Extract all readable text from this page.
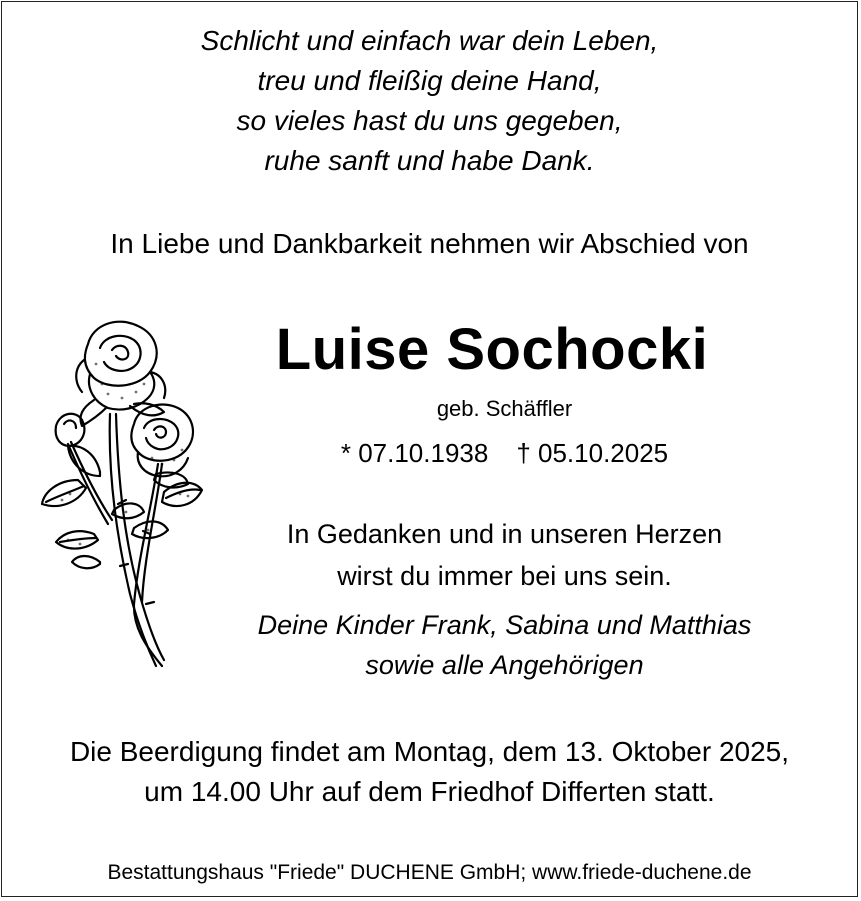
Schlicht und einfach war dein Leben,
treu und fleißig deine Hand,
so vieles hast du uns gegeben,
ruhe sanft und habe Dank.
In Liebe und Dankbarkeit nehmen wir Abschied von
Luise Sochocki
geb. Schäffler
* 07.10.1938 † 05.10.2025
In Gedanken und in unseren Herzen
wirst du immer bei uns sein.
Deine Kinder Frank, Sabina und Matthias
sowie alle Angehörigen
Die Beerdigung findet am Montag, dem 13. Oktober 2025,
um 14.00 Uhr auf dem Friedhof Differten statt.
Bestattungshaus "Friede" DUCHENE GmbH; www.friede-duchene.de
